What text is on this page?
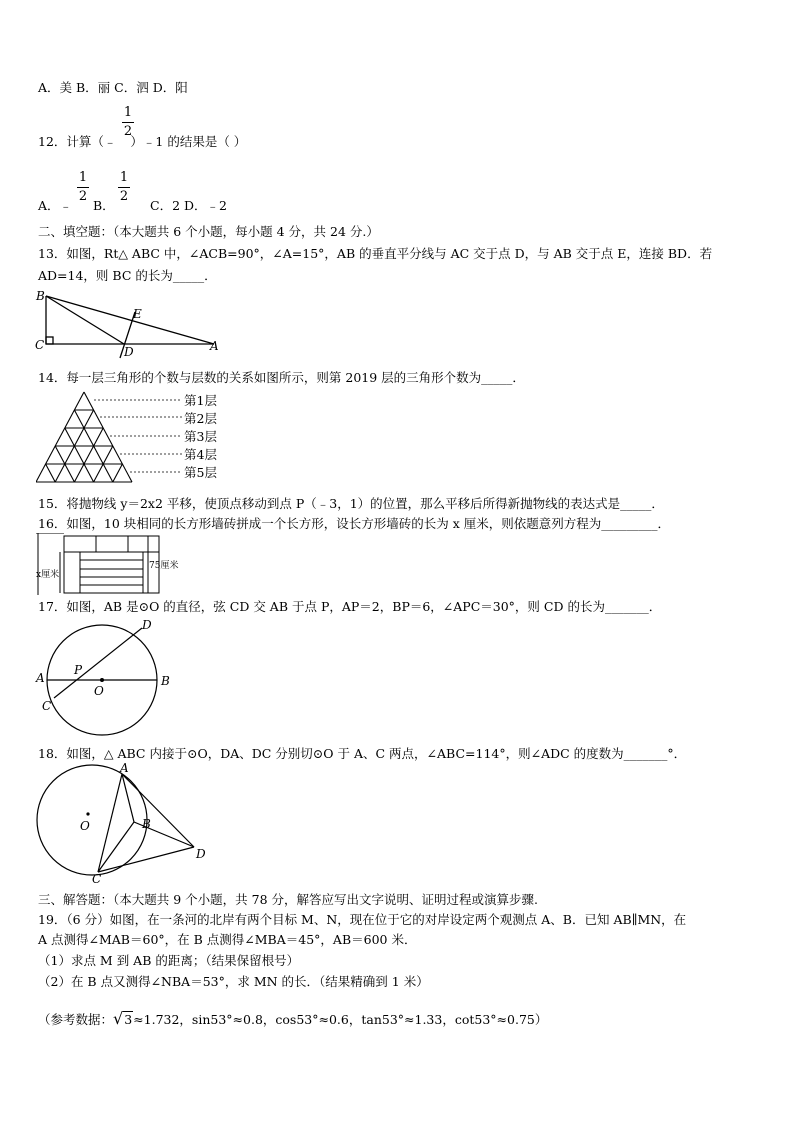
A．美 B．丽 C．泗 D．阳
1
2
12．计算（﹣ ）﹣1 的结果是（ ）
1
2
1
2
A．﹣ B．	C．2 D．﹣2
二、填空题：（本大题共 6 个小题，每小题 4 分，共 24 分.）
13．如图，Rt△ ABC 中，∠ACB=90°，∠A=15°，AB 的垂直平分线与 AC 交于点 D，与 AB 交于点 E，连接 BD．若
AD=14，则 BC 的长为_____．
B
E
C	D	A
14．每一层三角形的个数与层数的关系如图所示，则第 2019 层的三角形个数为_____．
第1层
第2层
第3层
第4层
第5层
15．将抛物线 y＝2x2 平移，使顶点移动到点 P（﹣3，1）的位置，那么平移后所得新抛物线的表达式是_____．
16．如图，10 块相同的长方形墙砖拼成一个长方形，设长方形墙砖的长为 x 厘米，则依题意列方程为_________．
x厘米
75厘米
17．如图，AB 是⊙O 的直径，弦 CD 交 AB 于点 P，AP＝2，BP＝6，∠APC＝30°，则 CD 的长为_______．
D
A
P
O
B
C
18．如图，△ ABC 内接于⊙O，DA、DC 分别切⊙O 于 A、C 两点，∠ABC=114°，则∠ADC 的度数为_______°．
A
O	B
C
D
三、解答题：（本大题共 9 个小题，共 78 分，解答应写出文字说明、证明过程或演算步骤.
19．（6 分）如图，在一条河的北岸有两个目标 M、N，现在位于它的对岸设定两个观测点 A、B．已知 AB∥MN，在
A 点测得∠MAB＝60°，在 B 点测得∠MBA＝45°，AB＝600 米．
（1）求点 M 到 AB 的距离；（结果保留根号）
（2）在 B 点又测得∠NBA＝53°，求 MN 的长．（结果精确到 1 米）
（参考数据：√3≈1.732，sin53°≈0.8，cos53°≈0.6，tan53°≈1.33，cot53°≈0.75）
